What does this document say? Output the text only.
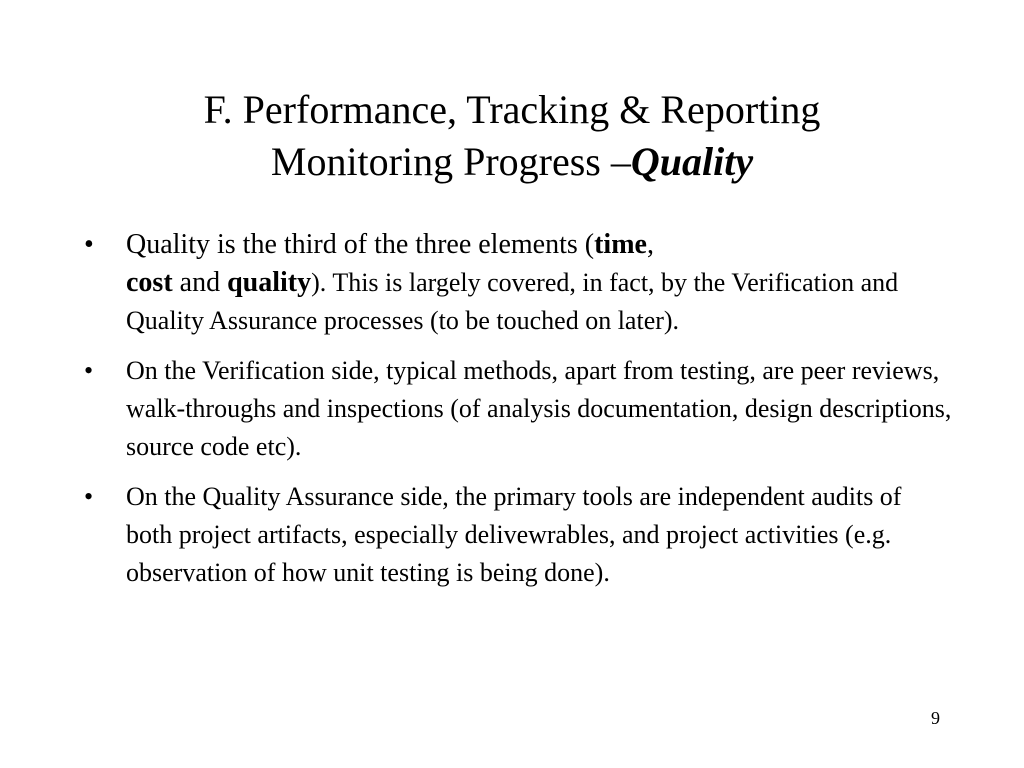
F. Performance, Tracking & Reporting
Monitoring Progress –Quality
• Quality is the third of the three elements (time,
cost and quality). This is largely covered, in fact, by the Verification and Quality Assurance processes (to be touched on later).
• On the Verification side, typical methods, apart from testing, are peer reviews, walk-throughs and inspections (of analysis documentation, design descriptions, source code etc).
• On the Quality Assurance side, the primary tools are independent audits of both project artifacts, especially delivewrables, and project activities (e.g. observation of how unit testing is being done).
9
